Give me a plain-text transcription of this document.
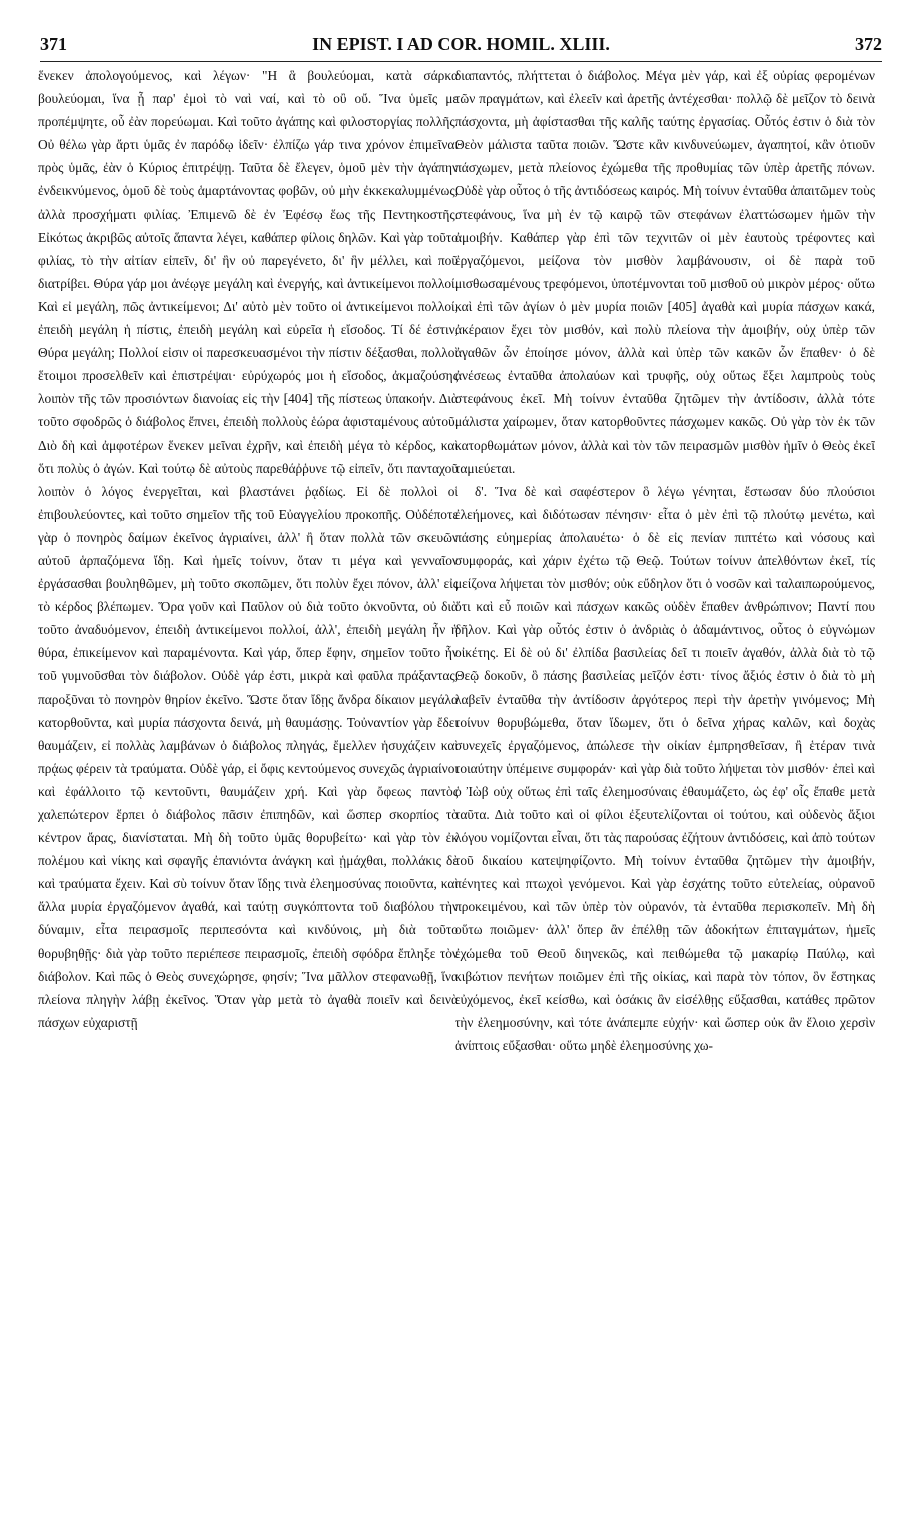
IN EPIST. I AD COR. HOMIL. XLIII.
371	372

ἕνεκεν ἀπολογούμενος, καὶ λέγων· "Η ἃ βουλεύομαι, κατὰ σάρκα βουλεύομαι, ἵνα ᾖ παρ' ἐμοὶ τὸ ναὶ ναί, καὶ τὸ οὒ οὔ. Ἵνα ὑμεῖς με προπέμψητε, οὗ ἐὰν πορεύωμαι. Καὶ τοῦτο ἀγάπης καὶ φιλοστοργίας πολλῆς. Οὐ θέλω γὰρ ἄρτι ὑμᾶς ἐν παρόδῳ ἰδεῖν· ἐλπίζω γάρ τινα χρόνον ἐπιμεῖναι πρὸς ὑμᾶς, ἐὰν ὁ Κύριος ἐπιτρέψῃ. Ταῦτα δὲ ἔλεγεν, ὁμοῦ μὲν τὴν ἀγάπην ἐνδεικνύμενος, ὁμοῦ δὲ τοὺς ἁμαρτάνοντας φοβῶν, οὐ μὴν ἐκκεκαλυμμένως, ἀλλὰ προσχήματι φιλίας. Ἐπιμενῶ δὲ ἐν Ἐφέσῳ ἕως τῆς Πεντηκοστῆς. Εἰκότως ἀκριβῶς αὐτοῖς ἅπαντα λέγει, καθάπερ φίλοις δηλῶν. Καὶ γὰρ τοῦτο φιλίας, τὸ τὴν αἰτίαν εἰπεῖν, δι' ἣν οὐ παρεγένετο, δι' ἣν μέλλει, καὶ ποῦ διατρίβει. Θύρα γάρ μοι ἀνέῳγε μεγάλη καὶ ἐνεργής, καὶ ἀντικείμενοι πολλοί. Καὶ εἰ μεγάλη, πῶς ἀντικείμενοι; Δι' αὐτὸ μὲν τοῦτο οἱ ἀντικείμενοι πολλοί, ἐπειδὴ μεγάλη ἡ πίστις, ἐπειδὴ μεγάλη καὶ εὐρεῖα ἡ εἴσοδος. Τί δέ ἐστιν, Θύρα μεγάλη; Πολλοί εἰσιν οἱ παρεσκευασμένοι τὴν πίστιν δέξασθαι, πολλοὶ ἕτοιμοι προσελθεῖν καὶ ἐπιστρέψαι· εὐρύχωρός μοι ἡ εἴσοδος, ἀκμαζούσης λοιπὸν τῆς τῶν προσιόντων διανοίας εἰς τὴν [404] τῆς πίστεως ὑπακοήν. Διὰ τοῦτο σφοδρῶς ὁ διάβολος ἔπνει, ἐπειδὴ πολλοὺς ἑώρα ἀφισταμένους αὐτοῦ. Διὸ δὴ καὶ ἀμφοτέρων ἕνεκεν μεῖναι ἐχρῆν, καὶ ἐπειδὴ μέγα τὸ κέρδος, καὶ ὅτι πολὺς ὁ ἀγών. Καὶ τούτῳ δὲ αὐτοὺς παρεθάῤῥυνε τῷ εἰπεῖν, ὅτι πανταχοῦ λοιπὸν ὁ λόγος ἐνεργεῖται, καὶ βλαστάνει ῥᾳδίως. Εἰ δὲ πολλοὶ οἱ ἐπιβουλεύοντες, καὶ τοῦτο σημεῖον τῆς τοῦ Εὐαγγελίου προκοπῆς. Οὐδέποτε γὰρ ὁ πονηρὸς δαίμων ἐκεῖνος ἀγριαίνει, ἀλλ' ἢ ὅταν πολλὰ τῶν σκευῶν αὐτοῦ ἁρπαζόμενα ἴδῃ. Καὶ ἡμεῖς τοίνυν, ὅταν τι μέγα καὶ γενναῖον ἐργάσασθαι βουληθῶμεν, μὴ τοῦτο σκοπῶμεν, ὅτι πολὺν ἔχει πόνον, ἀλλ' εἰς τὸ κέρδος βλέπωμεν. Ὅρα γοῦν καὶ Παῦλον οὐ διὰ τοῦτο ὀκνοῦντα, οὐ διὰ τοῦτο ἀναδυόμενον, ἐπειδὴ ἀντικείμενοι πολλοί, ἀλλ', ἐπειδὴ μεγάλη ἦν ἡ θύρα, ἐπικείμενον καὶ παραμένοντα. Καὶ γάρ, ὅπερ ἔφην, σημεῖον τοῦτο ἦν τοῦ γυμνοῦσθαι τὸν διάβολον. Οὐδὲ γάρ ἐστι, μικρὰ καὶ φαῦλα πράξαντας, παροξῦναι τὸ πονηρὸν θηρίον ἐκεῖνο. Ὥστε ὅταν ἴδῃς ἄνδρα δίκαιον μεγάλα κατορθοῦντα, καὶ μυρία πάσχοντα δεινά, μὴ θαυμάσῃς. Τοὐναντίον γὰρ ἔδει θαυμάζειν, εἰ πολλὰς λαμβάνων ὁ διάβολος πληγάς, ἔμελλεν ἡσυχάζειν καὶ πρᾴως φέρειν τὰ τραύματα. Οὐδὲ γάρ, εἰ ὄφις κεντούμενος συνεχῶς ἀγριαίνοι καὶ ἐφάλλοιτο τῷ κεντοῦντι, θαυμάζειν χρή. Καὶ γὰρ ὄφεως παντὸς χαλεπώτερον ἕρπει ὁ διάβολος πᾶσιν ἐπιπηδῶν, καὶ ὥσπερ σκορπίος τὸ κέντρον ἄρας, διανίσταται. Μὴ δὴ τοῦτο ὑμᾶς θορυβείτω· καὶ γὰρ τὸν ἐκ πολέμου καὶ νίκης καὶ σφαγῆς ἐπανιόντα ἀνάγκη καὶ ᾑμάχθαι, πολλάκις δὲ καὶ τραύματα ἔχειν. Καὶ σὺ τοίνυν ὅταν ἴδῃς τινὰ ἐλεημοσύνας ποιοῦντα, καὶ ἄλλα μυρία ἐργαζόμενον ἀγαθά, καὶ ταύτῃ συγκόπτοντα τοῦ διαβόλου τὴν δύναμιν, εἶτα πειρασμοῖς περιπεσόντα καὶ κινδύνοις, μὴ διὰ τοῦτο θορυβηθῇς· διὰ γὰρ τοῦτο περιέπεσε πειρασμοῖς, ἐπειδὴ σφόδρα ἔπληξε τὸν διάβολον. Καὶ πῶς ὁ Θεὸς συνεχώρησε, φησίν; Ἵνα μᾶλλον στεφανωθῇ, ἵνα πλείονα πληγὴν λάβῃ ἐκεῖνος. Ὅταν γὰρ μετὰ τὸ ἀγαθὰ ποιεῖν καὶ δεινὰ πάσχων εὐχαριστῇ

διαπαντός, πλήττεται ὁ διάβολος. Μέγα μὲν γάρ, καὶ ἐξ οὐρίας φερομένων τῶν πραγμάτων, καὶ ἐλεεῖν καὶ ἀρετῆς ἀντέχεσθαι· πολλῷ δὲ μεῖζον τὸ δεινὰ πάσχοντα, μὴ ἀφίστασθαι τῆς καλῆς ταύτης ἐργασίας. Οὗτός ἐστιν ὁ διὰ τὸν Θεὸν μάλιστα ταῦτα ποιῶν. Ὥστε κἂν κινδυνεύωμεν, ἀγαπητοί, κἂν ὁτιοῦν πάσχωμεν, μετὰ πλείονος ἐχώμεθα τῆς προθυμίας τῶν ὑπὲρ ἀρετῆς πόνων. Οὐδὲ γὰρ οὗτος ὁ τῆς ἀντιδόσεως καιρός. Μὴ τοίνυν ἐνταῦθα ἀπαιτῶμεν τοὺς στεφάνους, ἵνα μὴ ἐν τῷ καιρῷ τῶν στεφάνων ἐλαττώσωμεν ἡμῶν τὴν ἀμοιβήν. Καθάπερ γὰρ ἐπὶ τῶν τεχνιτῶν οἱ μὲν ἑαυτοὺς τρέφοντες καὶ ἐργαζόμενοι, μείζονα τὸν μισθὸν λαμβάνουσιν, οἱ δὲ παρὰ τοῦ μισθωσαμένους τρεφόμενοι, ὑποτέμνονται τοῦ μισθοῦ οὐ μικρὸν μέρος· οὕτω καὶ ἐπὶ τῶν ἁγίων ὁ μὲν μυρία ποιῶν [405] ἀγαθὰ καὶ μυρία πάσχων κακά, ἀκέραιον ἔχει τὸν μισθόν, καὶ πολὺ πλείονα τὴν ἀμοιβήν, οὐχ ὑπὲρ τῶν ἀγαθῶν ὧν ἐποίησε μόνον, ἀλλὰ καὶ ὑπὲρ τῶν κακῶν ὧν ἔπαθεν· ὁ δὲ ἀνέσεως ἐνταῦθα ἀπολαύων καὶ τρυφῆς, οὐχ οὕτως ἕξει λαμπροὺς τοὺς στεφάνους ἐκεῖ. Μὴ τοίνυν ἐνταῦθα ζητῶμεν τὴν ἀντίδοσιν, ἀλλὰ τότε μάλιστα χαίρωμεν, ὅταν κατορθοῦντες πάσχωμεν κακῶς. Οὐ γὰρ τὸν ἐκ τῶν κατορθωμάτων μόνον, ἀλλὰ καὶ τὸν τῶν πειρασμῶν μισθὸν ἡμῖν ὁ Θεὸς ἐκεῖ ταμιεύεται.

δ'. Ἵνα δὲ καὶ σαφέστερον ὃ λέγω γένηται, ἔστωσαν δύο πλούσιοι ἐλεήμονες, καὶ διδότωσαν πένησιν· εἶτα ὁ μὲν ἐπὶ τῷ πλούτῳ μενέτω, καὶ πάσης εὐημερίας ἀπολαυέτω· ὁ δὲ εἰς πενίαν πιπτέτω καὶ νόσους καὶ συμφοράς, καὶ χάριν ἐχέτω τῷ Θεῷ. Τούτων τοίνυν ἀπελθόντων ἐκεῖ, τίς μείζονα λήψεται τὸν μισθόν; οὐκ εὔδηλον ὅτι ὁ νοσῶν καὶ ταλαιπωρούμενος, ὅτι καὶ εὖ ποιῶν καὶ πάσχων κακῶς οὐδὲν ἔπαθεν ἀνθρώπινον; Παντί που δῆλον. Καὶ γὰρ οὗτός ἐστιν ὁ ἀνδριὰς ὁ ἀδαμάντινος, οὗτος ὁ εὐγνώμων οἰκέτης. Εἰ δὲ οὐ δι' ἐλπίδα βασιλείας δεῖ τι ποιεῖν ἀγαθόν, ἀλλὰ διὰ τὸ τῷ Θεῷ δοκοῦν, ὃ πάσης βασιλείας μεῖζόν ἐστι· τίνος ἄξιός ἐστιν ὁ διὰ τὸ μὴ λαβεῖν ἐνταῦθα τὴν ἀντίδοσιν ἀργότερος περὶ τὴν ἀρετὴν γινόμενος; Μὴ τοίνυν θορυβώμεθα, ὅταν ἴδωμεν, ὅτι ὁ δεῖνα χήρας καλῶν, καὶ δοχὰς συνεχεῖς ἐργαζόμενος, ἀπώλεσε τὴν οἰκίαν ἐμπρησθεῖσαν, ἢ ἑτέραν τινὰ τοιαύτην ὑπέμεινε συμφοράν· καὶ γὰρ διὰ τοῦτο λήψεται τὸν μισθόν· ἐπεὶ καὶ ὁ Ἰὼβ οὐχ οὕτως ἐπὶ ταῖς ἐλεημοσύναις ἐθαυμάζετο, ὡς ἐφ' οἷς ἔπαθε μετὰ ταῦτα. Διὰ τοῦτο καὶ οἱ φίλοι ἐξευτελίζονται οἱ τούτου, καὶ οὐδενὸς ἄξιοι λόγου νομίζονται εἶναι, ὅτι τὰς παρούσας ἐζήτουν ἀντιδόσεις, καὶ ἀπὸ τούτων τοῦ δικαίου κατεψηφίζοντο. Μὴ τοίνυν ἐνταῦθα ζητῶμεν τὴν ἀμοιβήν, πένητες καὶ πτωχοὶ γενόμενοι. Καὶ γὰρ ἐσχάτης τοῦτο εὐτελείας, οὐρανοῦ προκειμένου, καὶ τῶν ὑπὲρ τὸν οὐρανόν, τὰ ἐνταῦθα περισκοπεῖν. Μὴ δὴ οὕτω ποιῶμεν· ἀλλ' ὅπερ ἂν ἐπέλθῃ τῶν ἀδοκήτων ἐπιταγμάτων, ἡμεῖς ἐχώμεθα τοῦ Θεοῦ διηνεκῶς, καὶ πειθώμεθα τῷ μακαρίῳ Παύλῳ, καὶ κιβώτιον πενήτων ποιῶμεν ἐπὶ τῆς οἰκίας, καὶ παρὰ τὸν τόπον, ὃν ἕστηκας εὐχόμενος, ἐκεῖ κείσθω, καὶ ὁσάκις ἂν εἰσέλθῃς εὔξασθαι, κατάθες πρῶτον τὴν ἐλεημοσύνην, καὶ τότε ἀνάπεμπε εὐχήν· καὶ ὥσπερ οὐκ ἂν ἕλοιο χερσὶν ἀνίπτοις εὔξασθαι· οὕτω μηδὲ ἐλεημοσύνης χω-
